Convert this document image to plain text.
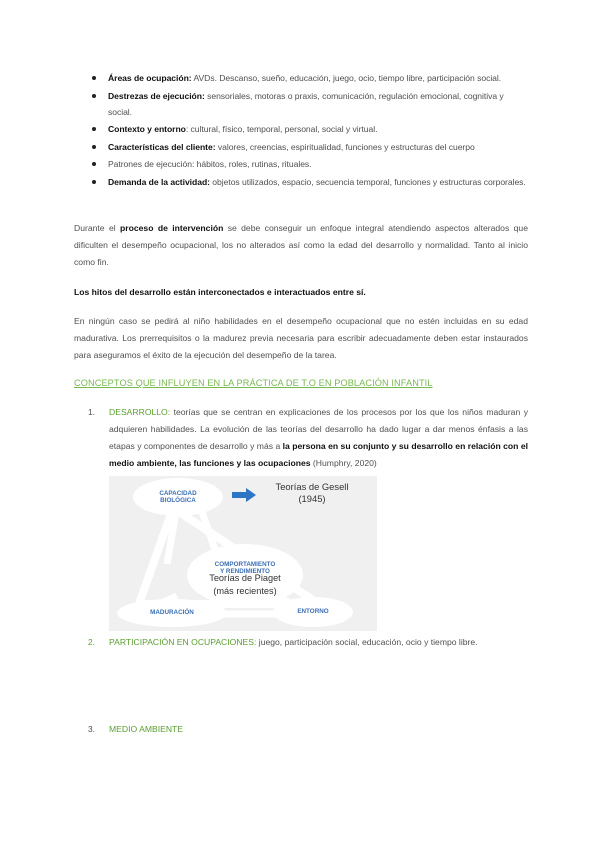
Áreas de ocupación: AVDs. Descanso, sueño, educación, juego, ocio, tiempo libre, participación social.
Destrezas de ejecución: sensoriales, motoras o praxis, comunicación, regulación emocional, cognitiva y social.
Contexto y entorno: cultural, físico, temporal, personal, social y virtual.
Características del cliente: valores, creencias, espiritualidad, funciones y estructuras del cuerpo
Patrones de ejecución: hábitos, roles, rutinas, rituales.
Demanda de la actividad: objetos utilizados, espacio, secuencia temporal, funciones y estructuras corporales.

Durante el proceso de intervención se debe conseguir un enfoque integral atendiendo aspectos alterados que dificulten el desempeño ocupacional, los no alterados así como la edad del desarrollo y normalidad. Tanto al inicio como fin.

Los hitos del desarrollo están interconectados e interactuados entre sí.

En ningún caso se pedirá al niño habilidades en el desempeño ocupacional que no estén incluidas en su edad madurativa. Los prerrequisitos o la madurez previa necesaria para escribir adecuadamente deben estar instaurados para aseguramos el éxito de la ejecución del desempeño de la tarea.

CONCEPTOS QUE INFLUYEN EN LA PRÁCTICA DE T.O EN POBLACIÓN INFANTIL
1. DESARROLLO: teorías que se centran en explicaciones de los procesos por los que los niños maduran y adquieren habilidades. La evolución de las teorías del desarrollo ha dado lugar a dar menos énfasis a las etapas y componentes de desarrollo y más a la persona en su conjunto y su desarrollo en relación con el medio ambiente, las funciones y las ocupaciones (Humphry, 2020)
CAPACIDAD
BIOLÓGICA
Teorías de Gesell
(1945)
COMPORTAMIENTO
Y RENDIMIENTO
Teorías de Piaget
(más recientes)
MADURACIÓN	ENTORNO
2. PARTICIPACIÓN EN OCUPACIONES: juego, participación social, educación, ocio y tiempo libre.
3. MEDIO AMBIENTE
